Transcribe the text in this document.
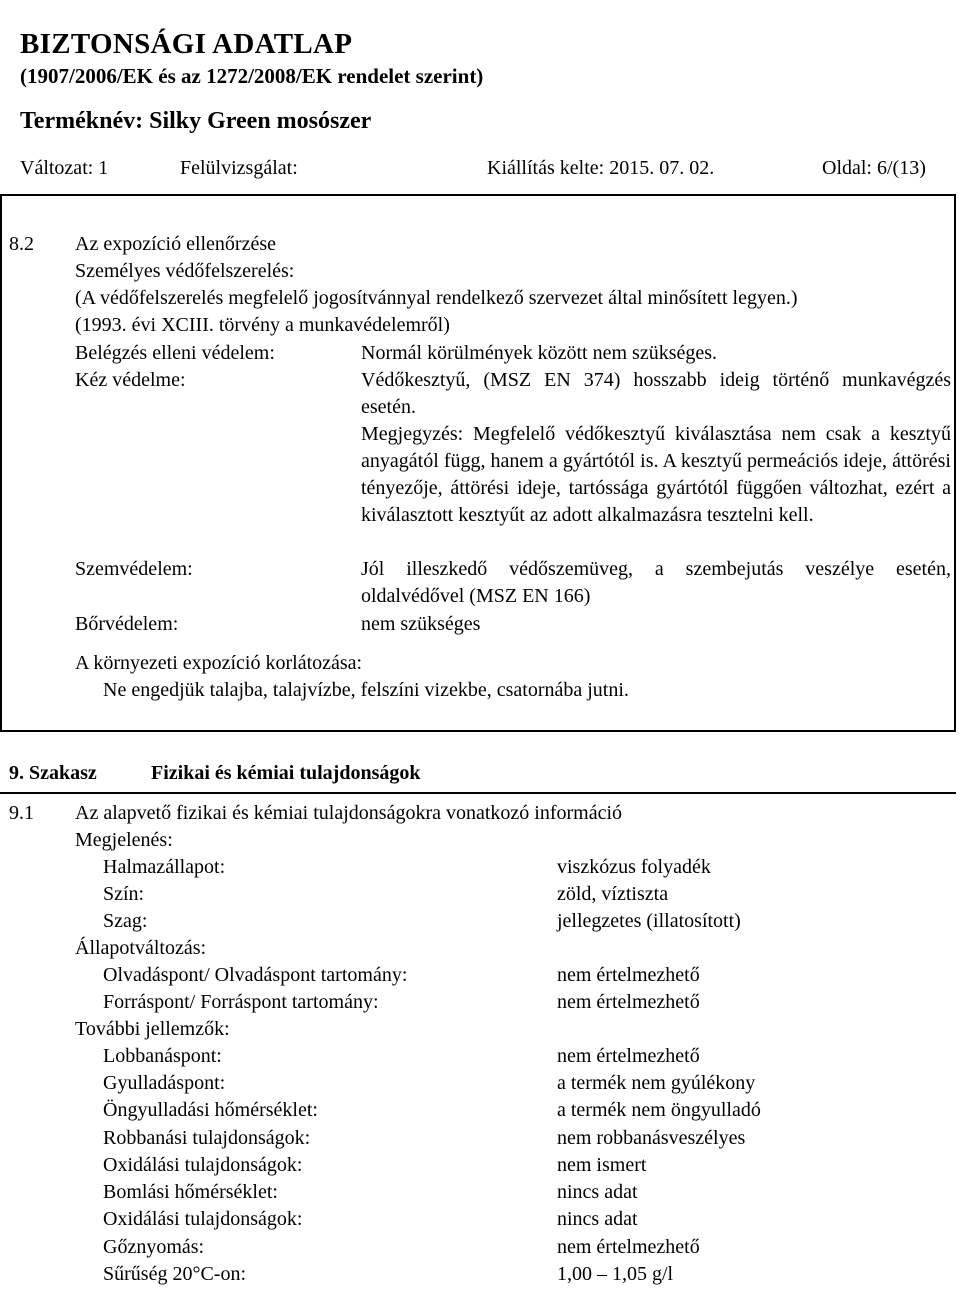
BIZTONSÁGI ADATLAP
(1907/2006/EK és az 1272/2008/EK rendelet szerint)
Terméknév: Silky Green mosószer
Változat: 1	Felülvizsgálat:	Kiállítás kelte: 2015. 07. 02.	Oldal: 6/(13)
8.2 Az expozíció ellenőrzése
Személyes védőfelszerelés:
(A védőfelszerelés megfelelő jogosítvánnyal rendelkező szervezet által minősített legyen.)
(1993. évi XCIII. törvény a munkavédelemről)
Belégzés elleni védelem:	Normál körülmények között nem szükséges.
Kéz védelme:	Védőkesztyű, (MSZ EN 374) hosszabb ideig történő munkavégzés esetén.
Megjegyzés: Megfelelő védőkesztyű kiválasztása nem csak a kesztyű anyagától függ, hanem a gyártótól is. A kesztyű permeációs ideje, áttörési tényezője, áttörési ideje, tartóssága gyártótól függően változhat, ezért a kiválasztott kesztyűt az adott alkalmazásra tesztelni kell.
Szemvédelem:	Jól illeszkedő védőszemüveg, a szembejutás veszélye esetén, oldalvédővel (MSZ EN 166)
Bőrvédelem:	nem szükséges
A környezeti expozíció korlátozása:
Ne engedjük talajba, talajvízbe, felszíni vizekbe, csatornába jutni.
9. Szakasz	Fizikai és kémiai tulajdonságok
9.1 Az alapvető fizikai és kémiai tulajdonságokra vonatkozó információ
Megjelenés:
Halmazállapot:	viszkózus folyadék
Szín:	zöld, víztiszta
Szag:	jellegzetes (illatosított)
Állapotváltozás:
Olvadáspont/ Olvadáspont tartomány:	nem értelmezhető
Forráspont/ Forráspont tartomány:	nem értelmezhető
További jellemzők:
Lobbanáspont:	nem értelmezhető
Gyulladáspont:	a termék nem gyúlékony
Öngyulladási hőmérséklet:	a termék nem öngyulladó
Robbanási tulajdonságok:	nem robbanásveszélyes
Oxidálási tulajdonságok:	nem ismert
Bomlási hőmérséklet:	nincs adat
Oxidálási tulajdonságok:	nincs adat
Gőznyomás:	nem értelmezhető
Sűrűség 20°C-on:	1,00 – 1,05 g/l
